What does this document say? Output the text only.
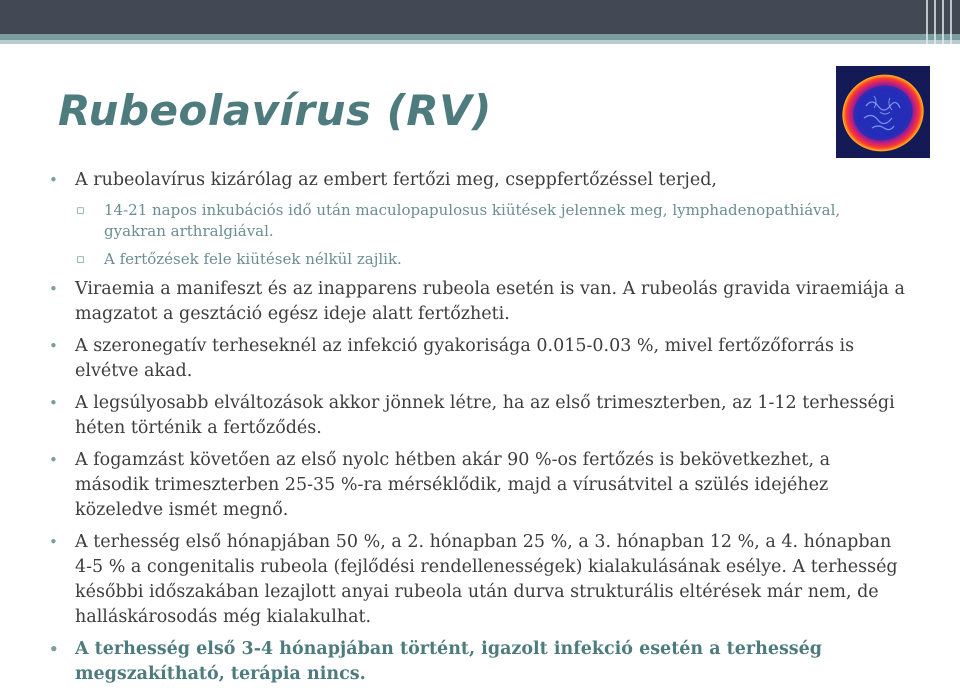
Rubeolavírus (RV)
• A rubeolavírus kizárólag az embert fertőzi meg, cseppfertőzéssel terjed,
▫ 14-21 napos inkubációs idő után maculopapulosus kiütések jelennek meg, lymphadenopathiával, gyakran arthralgiával.
▫ A fertőzések fele kiütések nélkül zajlik.
• Viraemia a manifeszt és az inapparens rubeola esetén is van. A rubeolás gravida viraemiája a magzatot a gesztáció egész ideje alatt fertőzheti.
• A szeronegatív terheseknél az infekció gyakorisága 0.015-0.03 %, mivel fertőzőforrás is elvétve akad.
• A legsúlyosabb elváltozások akkor jönnek létre, ha az első trimeszterben, az 1-12 terhességi héten történik a fertőződés.
• A fogamzást követően az első nyolc hétben akár 90 %-os fertőzés is bekövetkezhet, a második trimeszterben 25-35 %-ra mérséklődik, majd a vírusátvitel a szülés idejéhez közeledve ismét megnő.
• A terhesség első hónapjában 50 %, a 2. hónapban 25 %, a 3. hónapban 12 %, a 4. hónapban 4-5 % a congenitalis rubeola (fejlődési rendellenességek) kialakulásának esélye. A terhesség későbbi időszakában lezajlott anyai rubeola után durva strukturális eltérések már nem, de halláskárosodás még kialakulhat.
• A terhesség első 3-4 hónapjában történt, igazolt infekció esetén a terhesség megszakítható, terápia nincs.
